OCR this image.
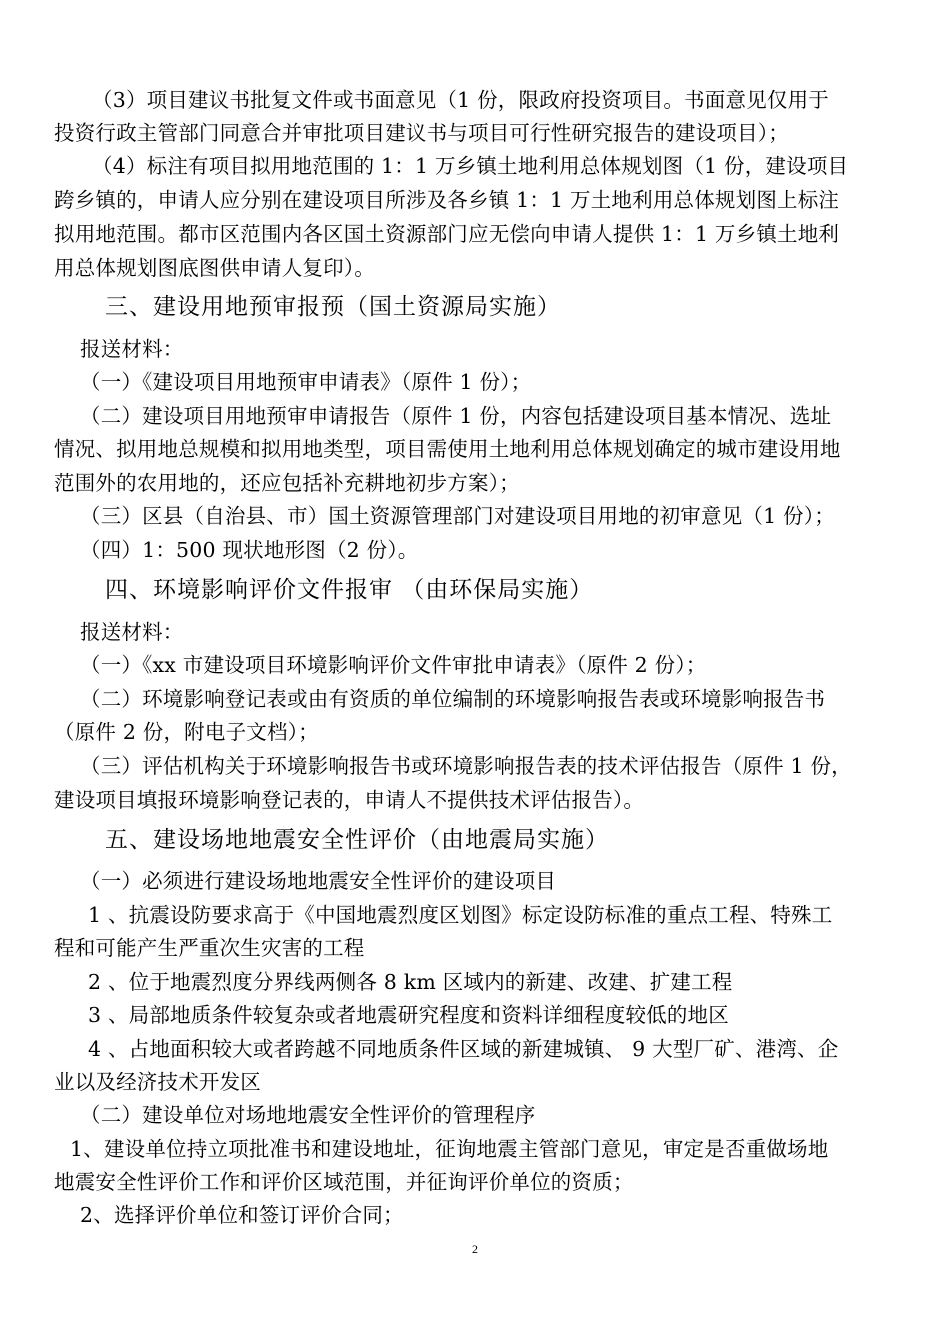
（3）项目建议书批复文件或书面意见（1 份，限政府投资项目。书面意见仅用于
投资行政主管部门同意合并审批项目建议书与项目可行性研究报告的建设项目）；
（4）标注有项目拟用地范围的 1：1 万乡镇土地利用总体规划图（1 份，建设项目
跨乡镇的，申请人应分别在建设项目所涉及各乡镇 1：1 万土地利用总体规划图上标注
拟用地范围。都市区范围内各区国土资源部门应无偿向申请人提供 1：1 万乡镇土地利
用总体规划图底图供申请人复印）。
三、建设用地预审报预（国土资源局实施）
报送材料：
（一）《建设项目用地预审申请表》（原件 1 份）；
（二）建设项目用地预审申请报告（原件 1 份，内容包括建设项目基本情况、选址
情况、拟用地总规模和拟用地类型，项目需使用土地利用总体规划确定的城市建设用地
范围外的农用地的，还应包括补充耕地初步方案）；
（三）区县（自治县、市）国土资源管理部门对建设项目用地的初审意见（1 份）；
（四）1：500 现状地形图（2 份）。
四、环境影响评价文件报审 （由环保局实施）
报送材料：
（一）《xx 市建设项目环境影响评价文件审批申请表》（原件 2 份）；
（二）环境影响登记表或由有资质的单位编制的环境影响报告表或环境影响报告书
（原件 2 份，附电子文档）；
（三）评估机构关于环境影响报告书或环境影响报告表的技术评估报告（原件 1 份，
建设项目填报环境影响登记表的，申请人不提供技术评估报告）。
五、建设场地地震安全性评价（由地震局实施）
（一）必须进行建设场地地震安全性评价的建设项目
1 、抗震设防要求高于《中国地震烈度区划图》标定设防标准的重点工程、特殊工
程和可能产生严重次生灾害的工程
2 、位于地震烈度分界线两侧各 8 km 区域内的新建、改建、扩建工程
3 、局部地质条件较复杂或者地震研究程度和资料详细程度较低的地区
4 、占地面积较大或者跨越不同地质条件区域的新建城镇、 9 大型厂矿、港湾、企
业以及经济技术开发区
（二）建设单位对场地地震安全性评价的管理程序
1、建设单位持立项批准书和建设地址，征询地震主管部门意见，审定是否重做场地
地震安全性评价工作和评价区域范围，并征询评价单位的资质；
2、选择评价单位和签订评价合同；
2
